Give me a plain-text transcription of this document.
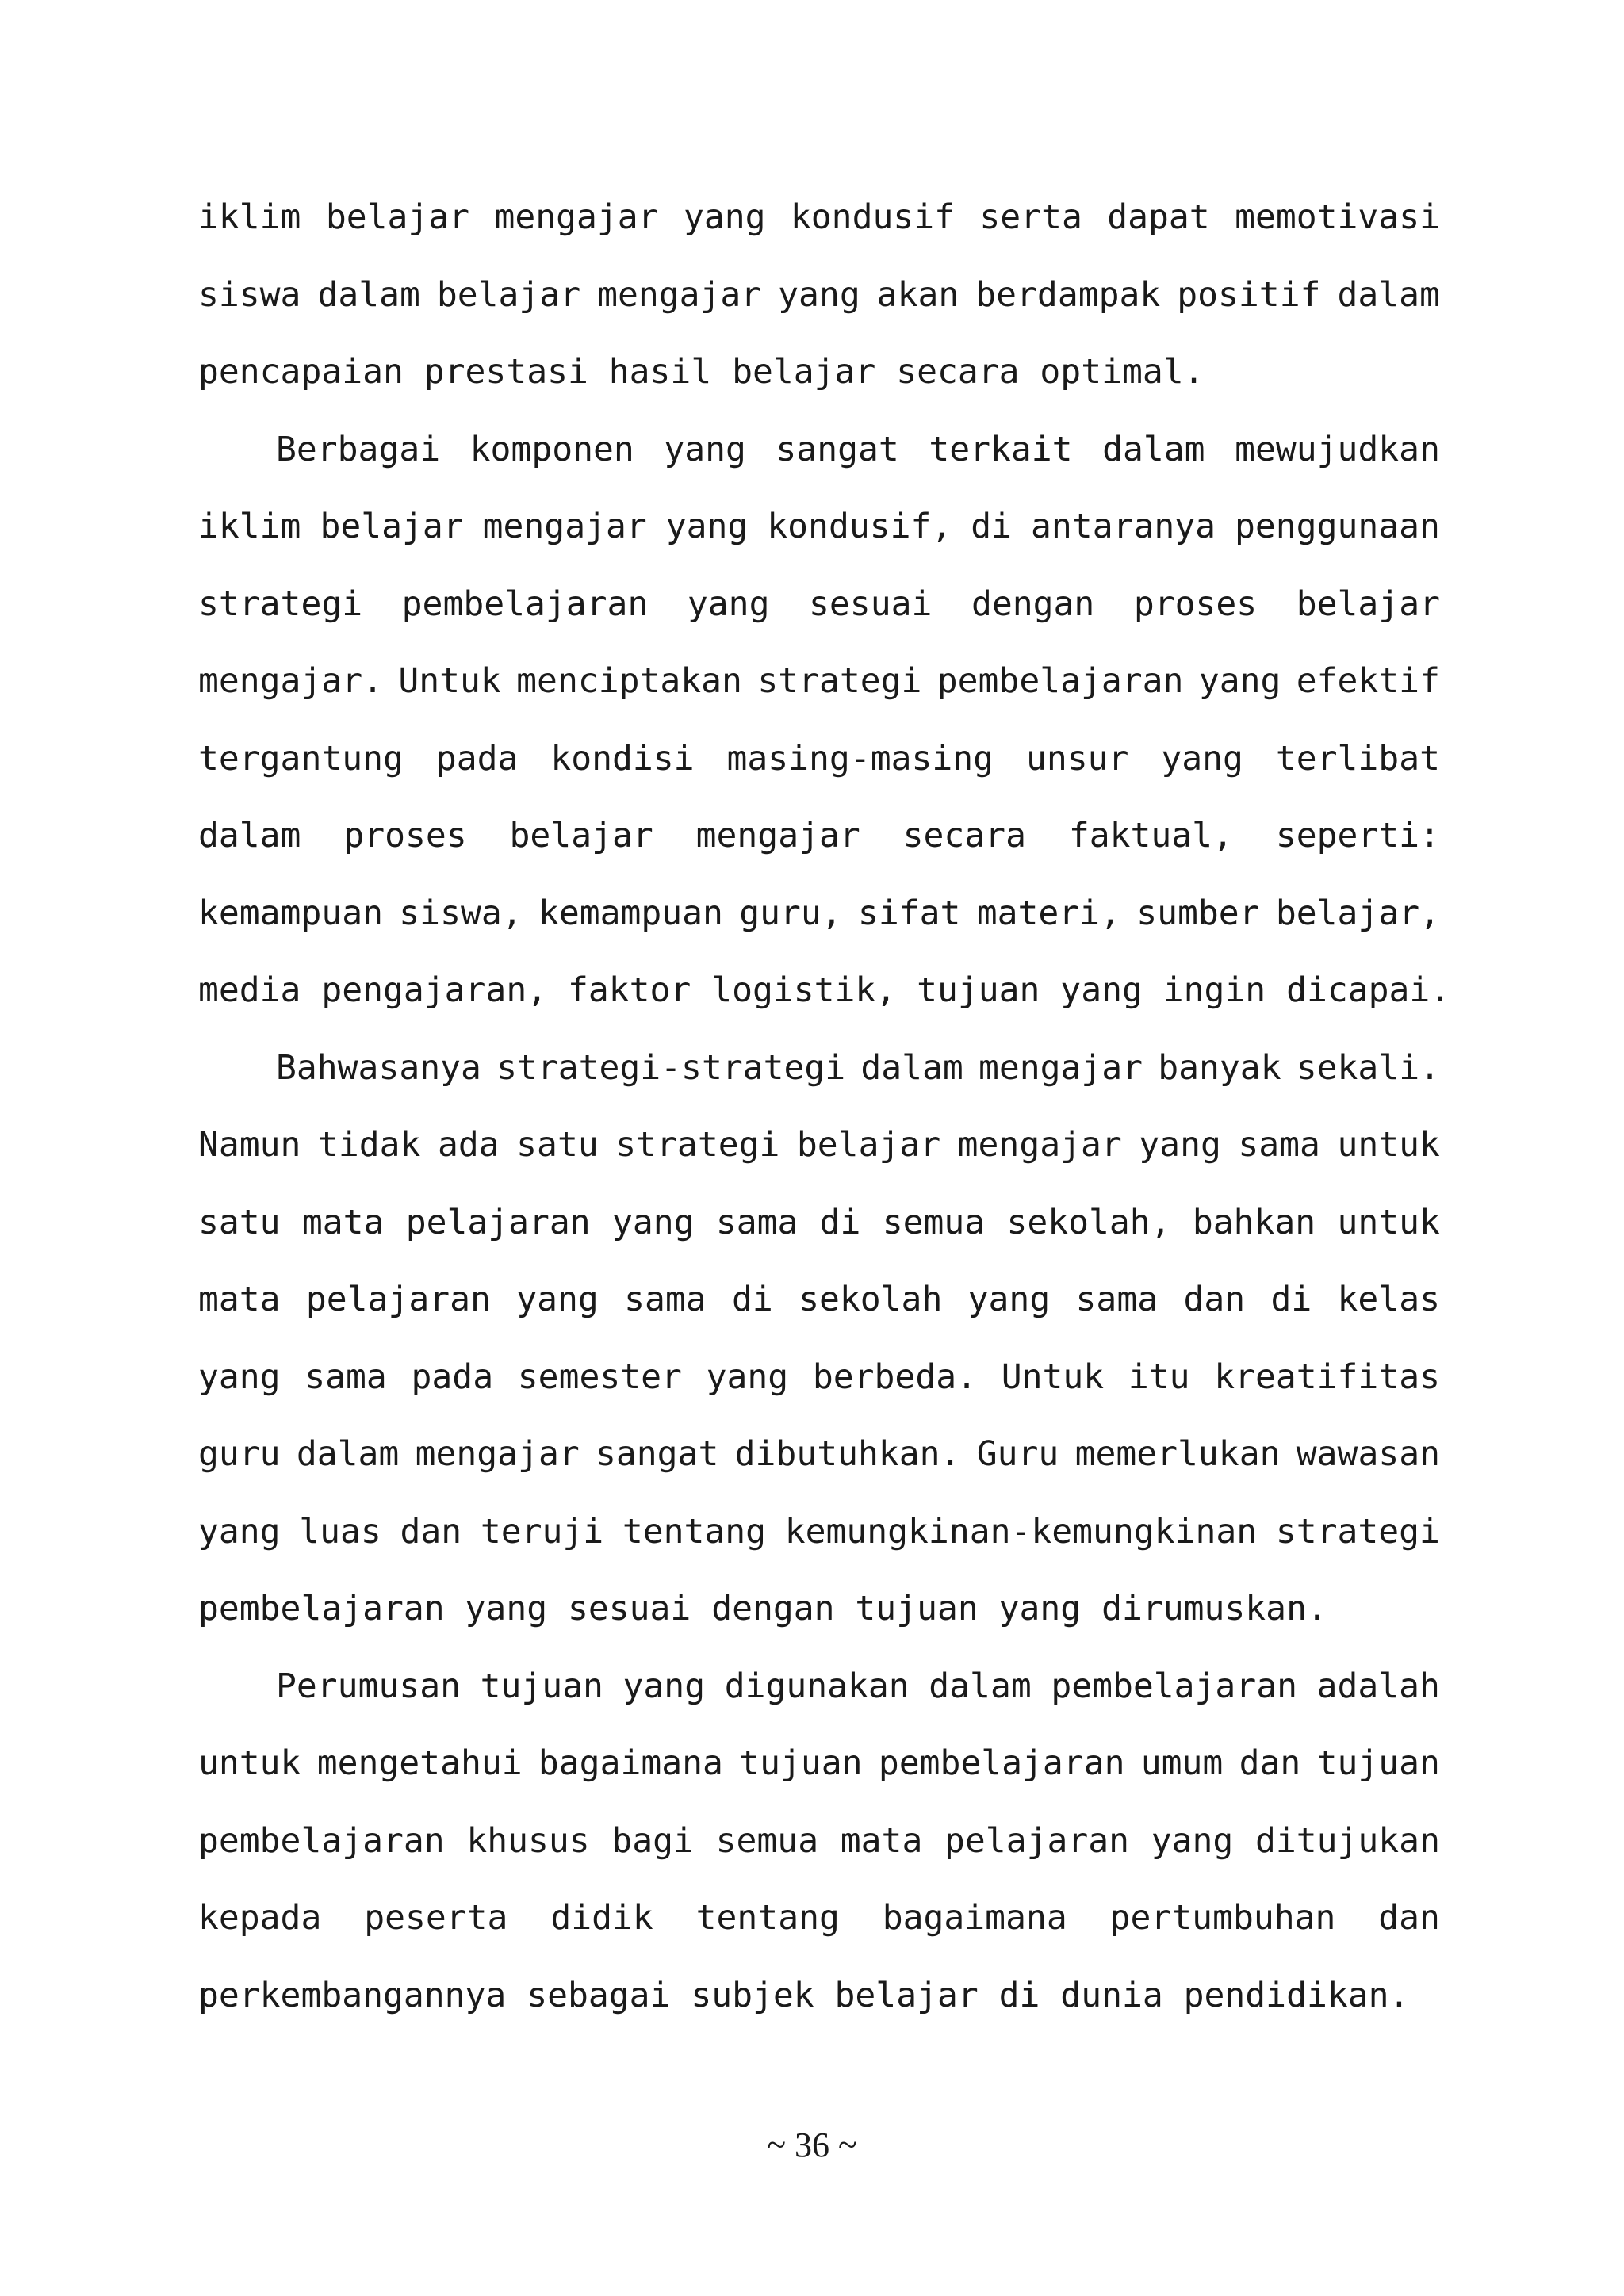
iklim belajar mengajar yang kondusif serta dapat memotivasi
siswa dalam belajar mengajar yang akan berdampak positif dalam
pencapaian prestasi hasil belajar secara optimal.
Berbagai komponen yang sangat terkait dalam mewujudkan
iklim belajar mengajar yang kondusif, di antaranya penggunaan
strategi pembelajaran yang sesuai dengan proses belajar
mengajar. Untuk menciptakan strategi pembelajaran yang efektif
tergantung pada kondisi masing-masing unsur yang terlibat
dalam proses belajar mengajar secara faktual, seperti:
kemampuan siswa, kemampuan guru, sifat materi, sumber belajar,
media pengajaran, faktor logistik, tujuan yang ingin dicapai.
Bahwasanya strategi-strategi dalam mengajar banyak sekali.
Namun tidak ada satu strategi belajar mengajar yang sama untuk
satu mata pelajaran yang sama di semua sekolah, bahkan untuk
mata pelajaran yang sama di sekolah yang sama dan di kelas
yang sama pada semester yang berbeda. Untuk itu kreatifitas
guru dalam mengajar sangat dibutuhkan. Guru memerlukan wawasan
yang luas dan teruji tentang kemungkinan-kemungkinan strategi
pembelajaran yang sesuai dengan tujuan yang dirumuskan.
Perumusan tujuan yang digunakan dalam pembelajaran adalah
untuk mengetahui bagaimana tujuan pembelajaran umum dan tujuan
pembelajaran khusus bagi semua mata pelajaran yang ditujukan
kepada peserta didik tentang bagaimana pertumbuhan dan
perkembangannya sebagai subjek belajar di dunia pendidikan.
~ 36 ~
